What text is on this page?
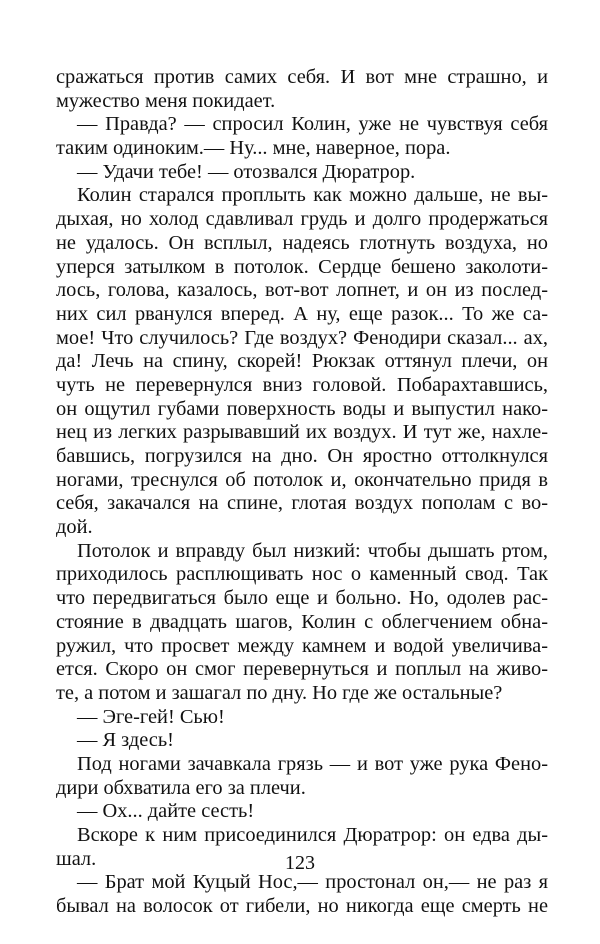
сражаться против самих себя. И вот мне страшно, и
мужество меня покидает.
— Правда? — спросил Колин, уже не чувствуя себя
таким одиноким.— Ну... мне, наверное, пора.
— Удачи тебе! — отозвался Дюратрор.
Колин старался проплыть как можно дальше, не вы-
дыхая, но холод сдавливал грудь и долго продержаться
не удалось. Он всплыл, надеясь глотнуть воздуха, но
уперся затылком в потолок. Сердце бешено заколоти-
лось, голова, казалось, вот-вот лопнет, и он из послед-
них сил рванулся вперед. А ну, еще разок... То же са-
мое! Что случилось? Где воздух? Фенодири сказал... ах,
да! Лечь на спину, скорей! Рюкзак оттянул плечи, он
чуть не перевернулся вниз головой. Побарахтавшись,
он ощутил губами поверхность воды и выпустил нако-
нец из легких разрывавший их воздух. И тут же, нахле-
бавшись, погрузился на дно. Он яростно оттолкнулся
ногами, треснулся об потолок и, окончательно придя в
себя, закачался на спине, глотая воздух пополам с во-
дой.
Потолок и вправду был низкий: чтобы дышать ртом,
приходилось расплющивать нос о каменный свод. Так
что передвигаться было еще и больно. Но, одолев рас-
стояние в двадцать шагов, Колин с облегчением обна-
ружил, что просвет между камнем и водой увеличива-
ется. Скоро он смог перевернуться и поплыл на живо-
те, а потом и зашагал по дну. Но где же остальные?
— Эге-гей! Сью!
— Я здесь!
Под ногами зачавкала грязь — и вот уже рука Фено-
дири обхватила его за плечи.
— Ох... дайте сесть!
Вскоре к ним присоединился Дюратрор: он едва ды-
шал.
— Брат мой Куцый Нос,— простонал он,— не раз я
бывал на волосок от гибели, но никогда еще смерть не
123
